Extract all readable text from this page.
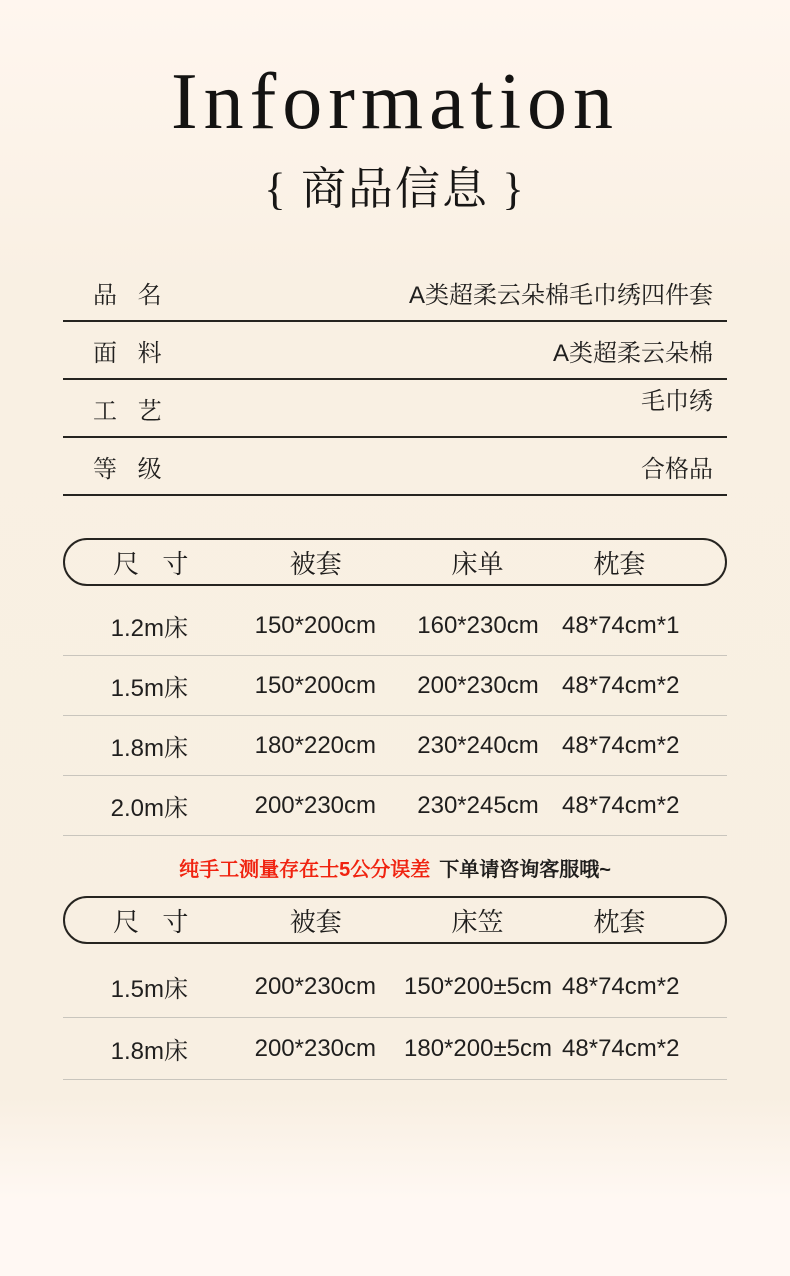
Information
{ 商品信息 }
品 名	A类超柔云朵棉毛巾绣四件套
面 料	A类超柔云朵棉
工 艺	毛巾绣
等 级	合格品
尺 寸	被套	床单	枕套
1.2m床	150*200cm	160*230cm 48*74cm*1
1.5m床	150*200cm	200*230cm 48*74cm*2
1.8m床	180*220cm	230*240cm 48*74cm*2
2.0m床	200*230cm	230*245cm 48*74cm*2
纯手工测量存在士5公分误差 下单请咨询客服哦~
尺 寸	被套	床笠	枕套
1.5m床	200*230cm	150*200±5cm 48*74cm*2
1.8m床	200*230cm	180*200±5cm 48*74cm*2
